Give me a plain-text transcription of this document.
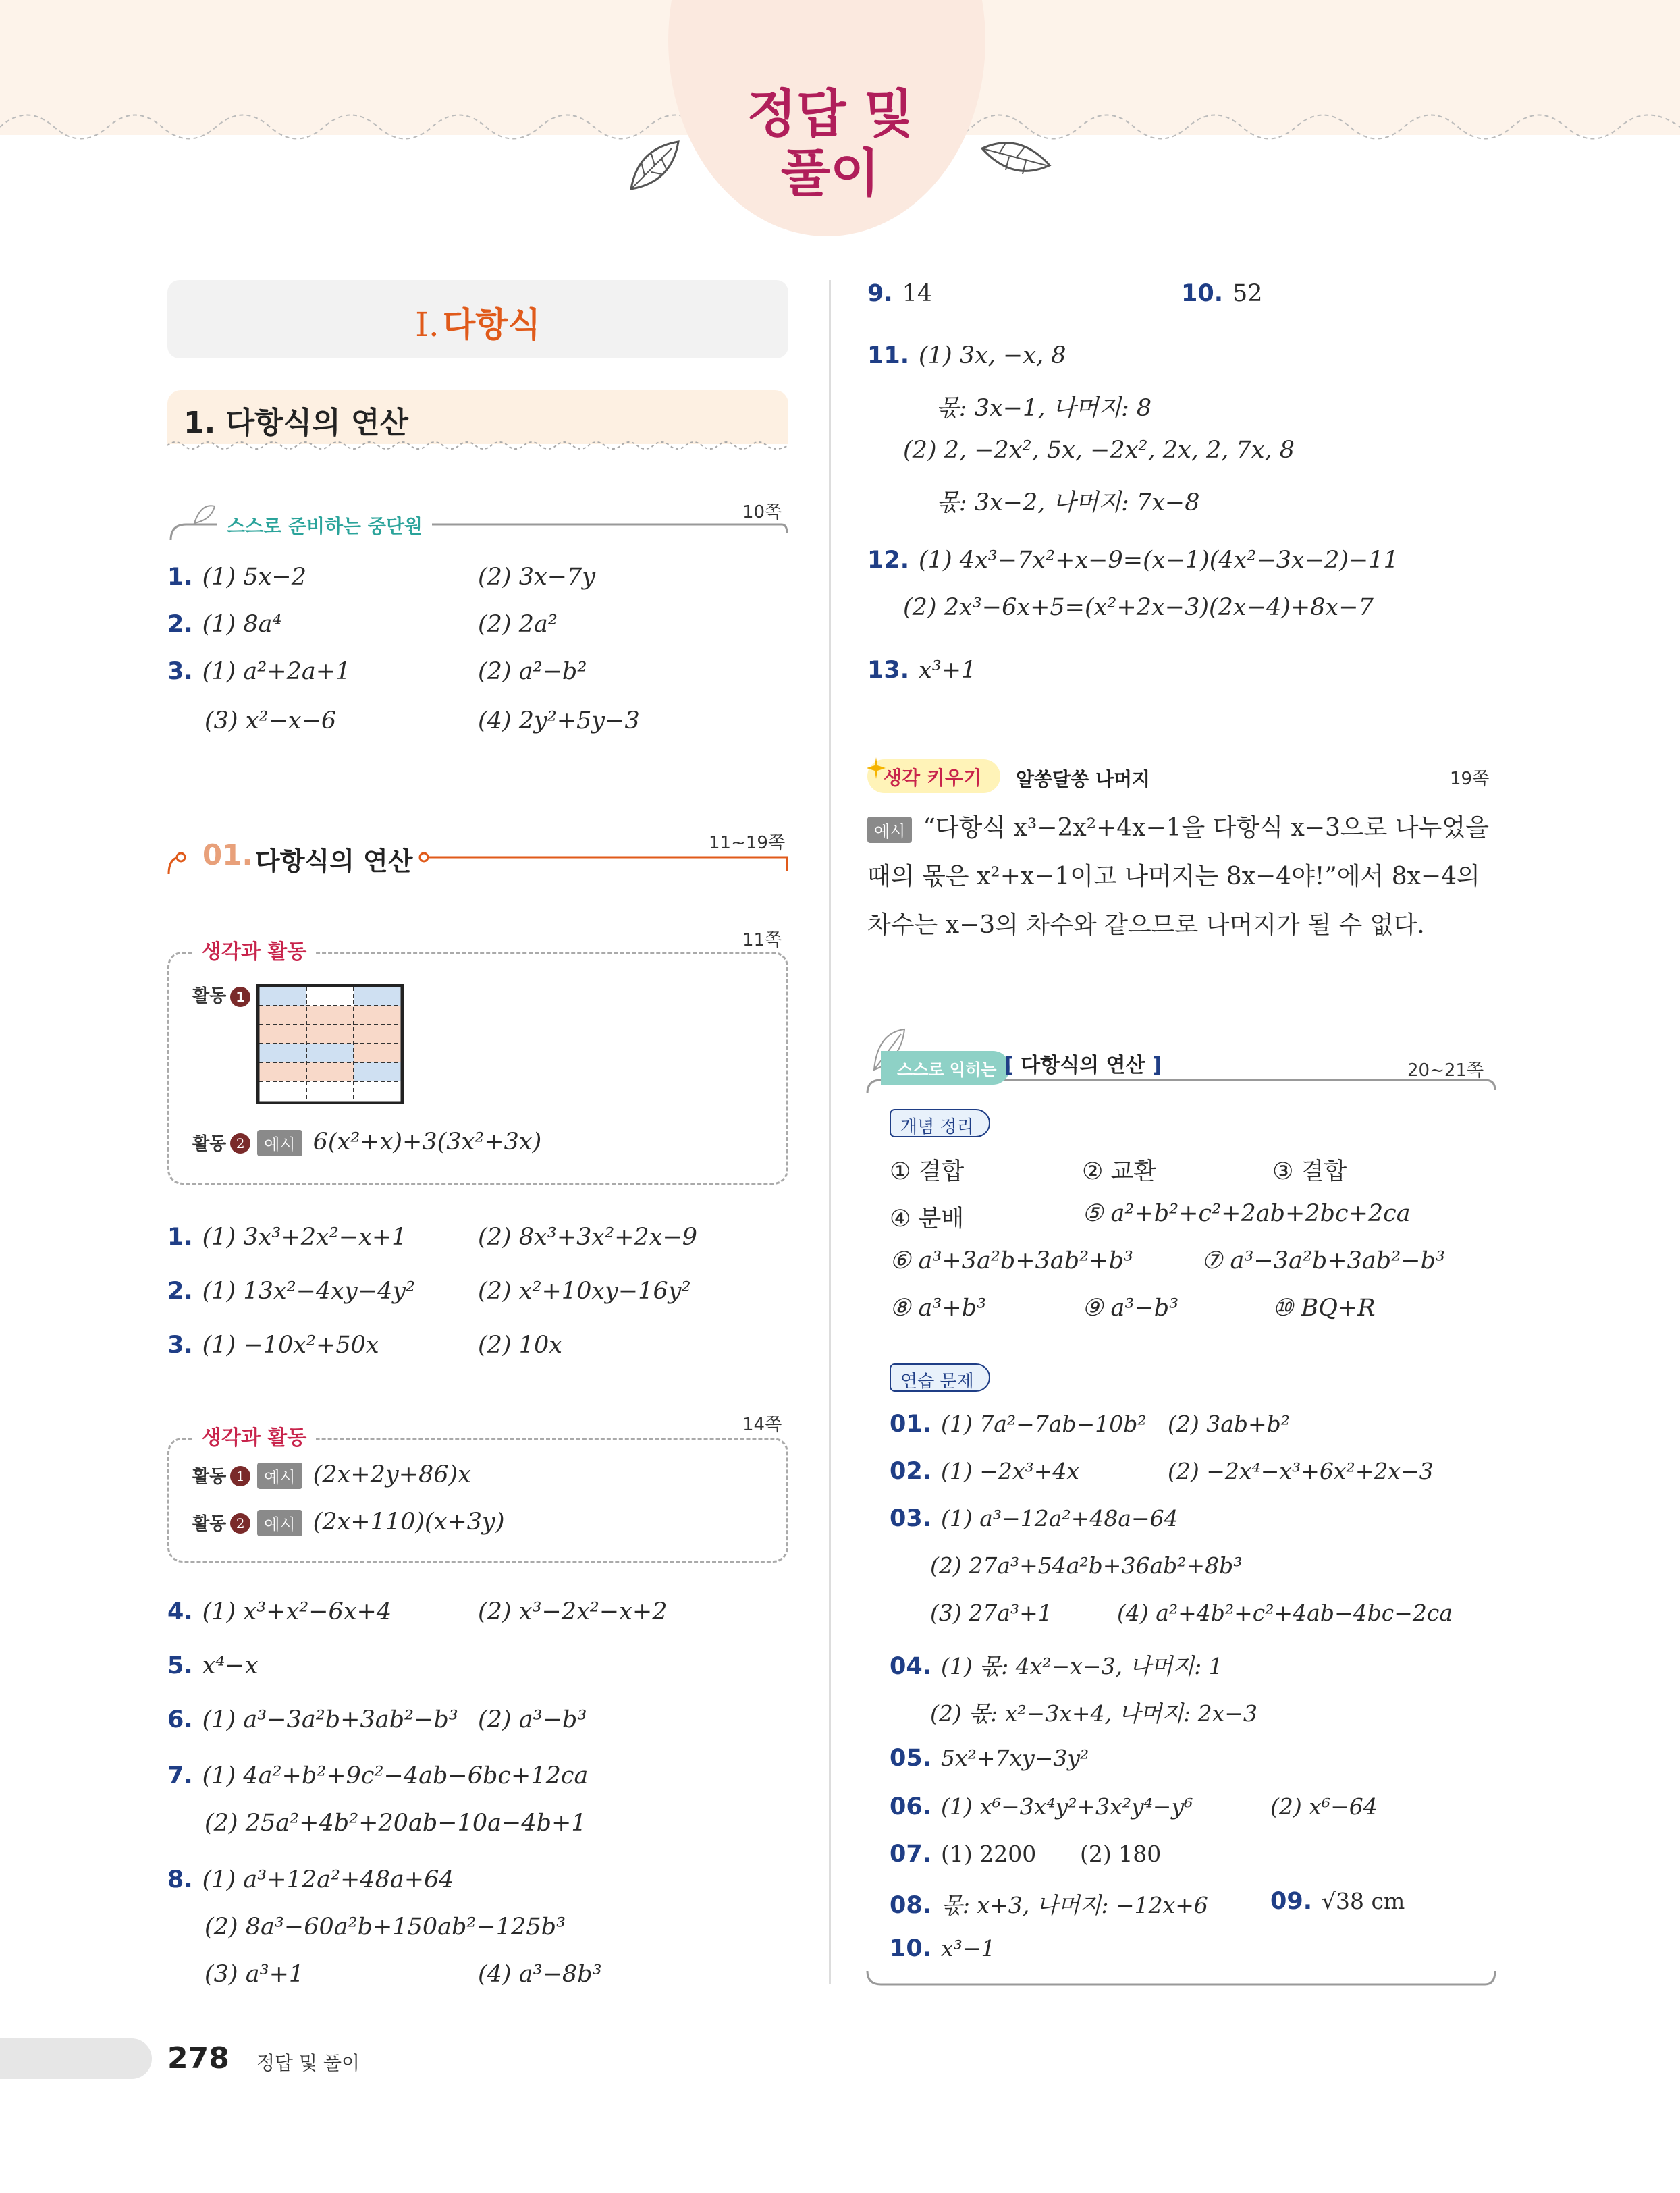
정답 및
풀이
I. 다항식
1. 다항식의 연산
스스로 준비하는 중단원
10쪽
1. (1) 5x−2	(2) 3x−7y
2. (1) 8a⁴	(2) 2a²
3. (1) a²+2a+1	(2) a²−b²
(3) x²−x−6	(4) 2y²+5y−3
01. 다항식의 연산
11~19쪽
생각과 활동	11쪽
활동 1
활동 2 예시 6(x²+x)+3(3x²+3x)
1. (1) 3x³+2x²−x+1	(2) 8x³+3x²+2x−9
2. (1) 13x²−4xy−4y²	(2) x²+10xy−16y²
3. (1) −10x²+50x	(2) 10x
생각과 활동
14쪽
활동 1 예시 (2x+2y+86)x
활동 2 예시 (2x+110)(x+3y)
4. (1) x³+x²−6x+4	(2) x³−2x²−x+2
5. x⁴−x
6. (1) a³−3a²b+3ab²−b³ (2) a³−b³
7. (1) 4a²+b²+9c²−4ab−6bc+12ca
(2) 25a²+4b²+20ab−10a−4b+1
8. (1) a³+12a²+48a+64
(2) 8a³−60a²b+150ab²−125b³
(3) a³+1	(4) a³−8b³
9. 14	10. 52
11. (1) 3x, −x, 8
몫: 3x−1, 나머지: 8
(2) 2, −2x², 5x, −2x², 2x, 2, 7x, 8
몫: 3x−2, 나머지: 7x−8
12. (1) 4x³−7x²+x−9=(x−1)(4x²−3x−2)−11
(2) 2x³−6x+5=(x²+2x−3)(2x−4)+8x−7
13. x³+1
생각 키우기	알쏭달쏭 나머지	19쪽
예시 “다항식 x³−2x²+4x−1을 다항식 x−3으로 나누었을
때의 몫은 x²+x−1이고 나머지는 8x−4야!”에서 8x−4의
차수는 x−3의 차수와 같으므로 나머지가 될 수 없다.
스스로 익히는 [ 다항식의 연산 ]	20~21쪽
개념 정리
① 결합	② 교환	③ 결합
④ 분배	⑤ a²+b²+c²+2ab+2bc+2ca
⑥ a³+3a²b+3ab²+b³	⑦ a³−3a²b+3ab²−b³
⑧ a³+b³	⑨ a³−b³	⑩ BQ+R
연습 문제
01. (1) 7a²−7ab−10b² (2) 3ab+b²
02. (1) −2x³+4x	(2) −2x⁴−x³+6x²+2x−3
03. (1) a³−12a²+48a−64
(2) 27a³+54a²b+36ab²+8b³
(3) 27a³+1	(4) a²+4b²+c²+4ab−4bc−2ca
04. (1) 몫: 4x²−x−3, 나머지: 1
(2) 몫: x²−3x+4, 나머지: 2x−3
05. 5x²+7xy−3y²
06. (1) x⁶−3x⁴y²+3x²y⁴−y⁶	(2) x⁶−64
07. (1) 2200 (2) 180
08. 몫: x+3, 나머지: −12x+6	09. √38 cm
10. x³−1
278 정답 및 풀이
